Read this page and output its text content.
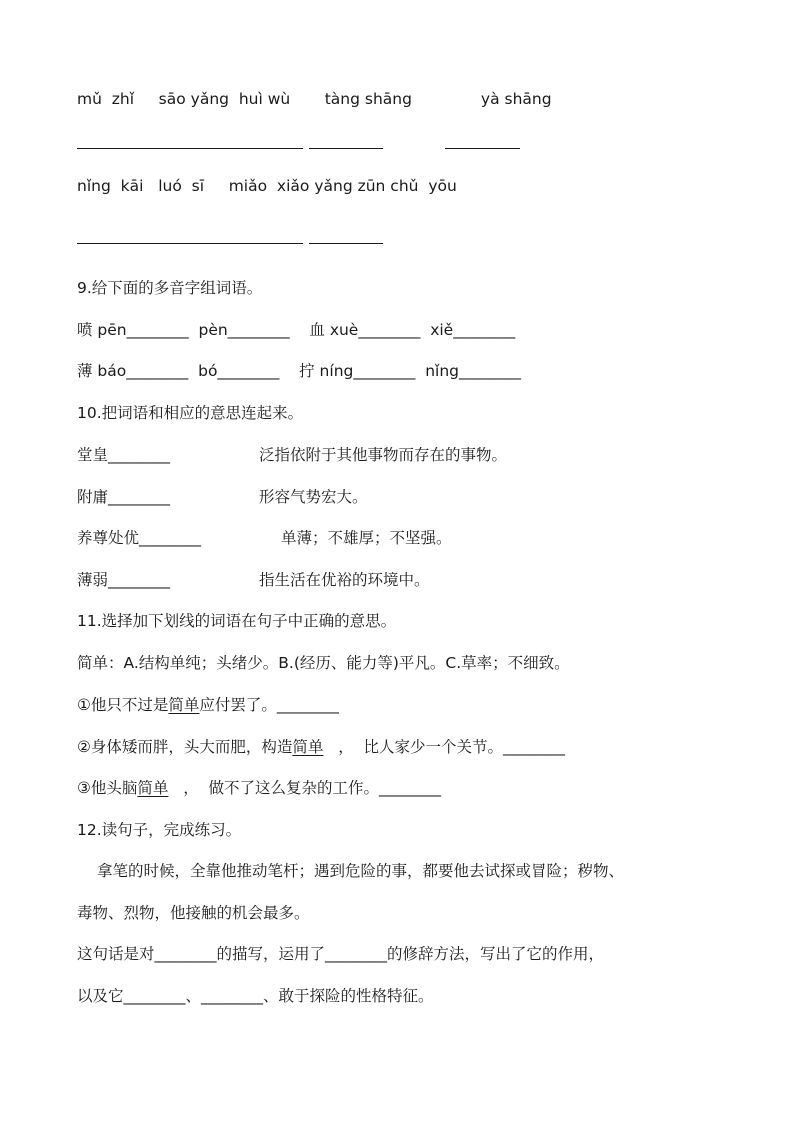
mǔ  zhǐ     sāo yǎng  huì wù       tàng shāng              yà shāng
nǐng  kāi   luó  sī     miǎo  xiǎo yǎng zūn chǔ  yōu
9.给下面的多音字组词语。
喷 pēn________  pèn________    血 xuè________  xiě________
薄 báo________  bó________    拧 níng________  nǐng________
10.把词语和相应的意思连起来。
堂皇________	泛指依附于其他事物而存在的事物。
附庸________	形容气势宏大。
养尊处优________	单薄；不雄厚；不坚强。
薄弱________	指生活在优裕的环境中。
11.选择加下划线的词语在句子中正确的意思。
简单：A.结构单纯；头绪少。B.(经历、能力等)平凡。C.草率；不细致。
①他只不过是简单应付罢了。________
②身体矮而胖，头大而肥，构造简单   ，  比人家少一个关节。________
③他头脑简单   ，  做不了这么复杂的工作。________
12.读句子，完成练习。
拿笔的时候，全靠他推动笔杆；遇到危险的事，都要他去试探或冒险；秽物、
毒物、烈物，他接触的机会最多。
这句话是对________的描写，运用了________的修辞方法，写出了它的作用，
以及它________、________、敢于探险的性格特征。
